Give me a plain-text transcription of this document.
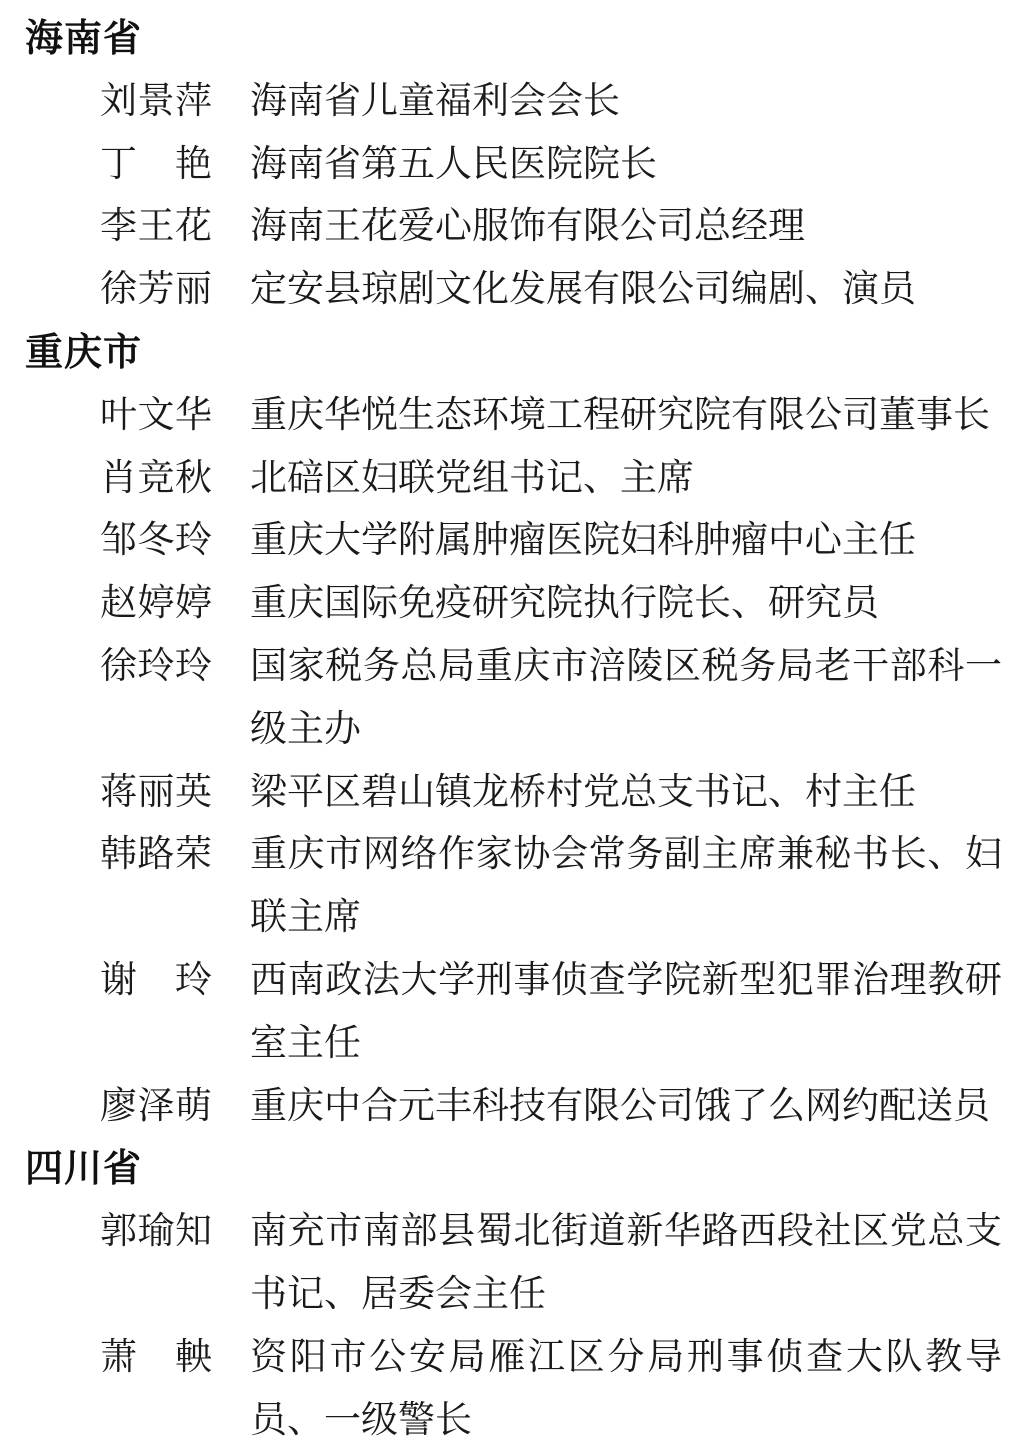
海南省
刘景萍 海南省儿童福利会会长
丁艳 海南省第五人民医院院长
李王花 海南王花爱心服饰有限公司总经理
徐芳丽 定安县琼剧文化发展有限公司编剧、演员
重庆市
叶文华 重庆华悦生态环境工程研究院有限公司董事长
肖竞秋 北碚区妇联党组书记、主席
邹冬玲 重庆大学附属肿瘤医院妇科肿瘤中心主任
赵婷婷 重庆国际免疫研究院执行院长、研究员
徐玲玲 国家税务总局重庆市涪陵区税务局老干部科一级主办
蒋丽英 梁平区碧山镇龙桥村党总支书记、村主任
韩路荣 重庆市网络作家协会常务副主席兼秘书长、妇联主席
谢玲 西南政法大学刑事侦查学院新型犯罪治理教研室主任
廖泽萌 重庆中合元丰科技有限公司饿了么网约配送员
四川省
郭瑜知 南充市南部县蜀北街道新华路西段社区党总支书记、居委会主任
萧軮 资阳市公安局雁江区分局刑事侦查大队教导员、一级警长
